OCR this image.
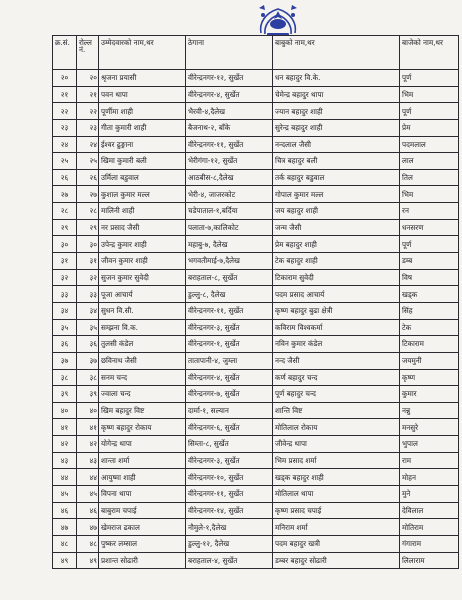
क्र.सं.	रोल्ल नं.	उम्मेदवारको नाम,थर	ठेगाना	बाबुको नाम,थर	बाजेको नाम,थर
२०	२०	श्रृजना प्रयासी	वीरेन्द्रनगर-१२, सुर्खेत	धन बहादुर वि.के.	पूर्ण
२१	२१	पवन थापा	वीरेन्द्रनगर-४, सुर्खेत	चेमेन्द्र बहादुर थापा	भिम
२२	२२	पूर्णीमा शाही	भैरवी-४,दैलेख	ज्यान बहादुर शाही	पूर्ण
२३	२३	गीता कुमारी शाही	बैजनाथ-२, बाँके	सुरेन्द्र बहादुर शाही	प्रेम
२४	२४	ईश्वर ढुङ्गाना	वीरेन्द्रनगर-११, सुर्खेत	नन्दलाल जैसी	पदमलाल
२५	२५	खिमा कुमारी बली	भेरीगंगा-१२, सुर्खेत	चित्र बहादुर बली	लाल
२६	२६	उर्मिला बडुवाल	आठबीस-८,दैलेख	तर्क बहादुर बडुवाल	तिल
२७	२७	कुशाल कुमार मल्ल	भेरी-४, जाजरकोट	गोपाल कुमार मल्ल	भिम
२८	२८	मालिनी शाही	चडेपाताल-१,बर्दिया	जय बहादुर शाही	रन
२९	२९	नर प्रसाद जैसी	पलाता-७,कालिकोट	जन्म जैसी	धनसरण
३०	३०	उपेन्द्र कुमार शाही	महाबु-७, दैलेख	प्रेम बहादुर शाही	पूर्ण
३१	३१	जीवन कुमार शाही	भगवतीमाई-७,दैलेख	टेक बहादुर शाही	डम्ब
३२	३२	सुजन कुमार सुवेदी	बराहताल-८, सुर्खेत	टिकाराम सुवेदी	विष
३३	३३	पूजा आचार्य	डुल्लु-८, दैलेख	पदम प्रसाद आचार्य	खड्क
३४	३४	सुधन वि.सी.	वीरेन्द्रनगर-११, सुर्खेत	कृष्ण बहादुर बुढा क्षेत्री	सिंह
३५	३५	सम्झना वि.क.	वीरेन्द्रनगर-३, सुर्खेत	कविराम विश्वकर्मा	टेक
३६	३६	तुलसी कंडेल	वीरेन्द्रनगर-१, सुर्खेत	नविन कुमार कंडेल	टिकाराम
३७	३७	छविनाथ जैसी	तातापानी-४, जुम्ला	नन्द जैसी	जयमुनी
३८	३८	सनम चन्द	वीरेन्द्रनगर-४, सुर्खेत	कर्ण बहादुर चन्द	कृष्ण
३९	३९	ज्वाला चन्द	वीरेन्द्रनगर-७, सुर्खेत	पूर्ण बहादुर चन्द	कुमार
४०	४०	खिम बहादुर विष्ट	दार्मा-१, सल्यान	शान्ति विष्ट	नन्नु
४१	४१	कृष्ण बहादुर रोकाय	वीरेन्द्रनगर-६, सुर्खेत	मोतिलाल रोकाय	मनसुरे
४२	४२	योगेन्द्र थापा	सिम्ता-८, सुर्खेत	जीवेन्द्र थापा	भुपाल
४३	४३	शान्ता शर्मा	वीरेन्द्रनगर-३, सुर्खेत	भिम प्रसाद शर्मा	राम
४४	४४	आयुष्मा शाही	वीरेन्द्रनगर-१०, सुर्खेत	खड्क बहादुर शाही	मोहन
४५	४५	विपना थापा	वीरेन्द्रनगर-११, सुर्खेत	मोतिलाल थापा	मुने
४६	४६	बाबुराम चपाई	वीरेन्द्रनगर-१४, सुर्खेत	कृष्ण प्रसाद चपाई	देविलाल
४७	४७	खेमराज ढकाल	नौमुले-१,दैलेख	मनिराम शर्मा	मोतिराम
४८	४८	पुष्कर लम्साल	डुल्लु-१२, दैलेख	पदम बहादुर खत्री	गंगाराम
४९	४९	प्रशान्त सोढारी	बराहताल-४, सुर्खेत	डम्बर बहादुर सोढारी	लिलाराम
